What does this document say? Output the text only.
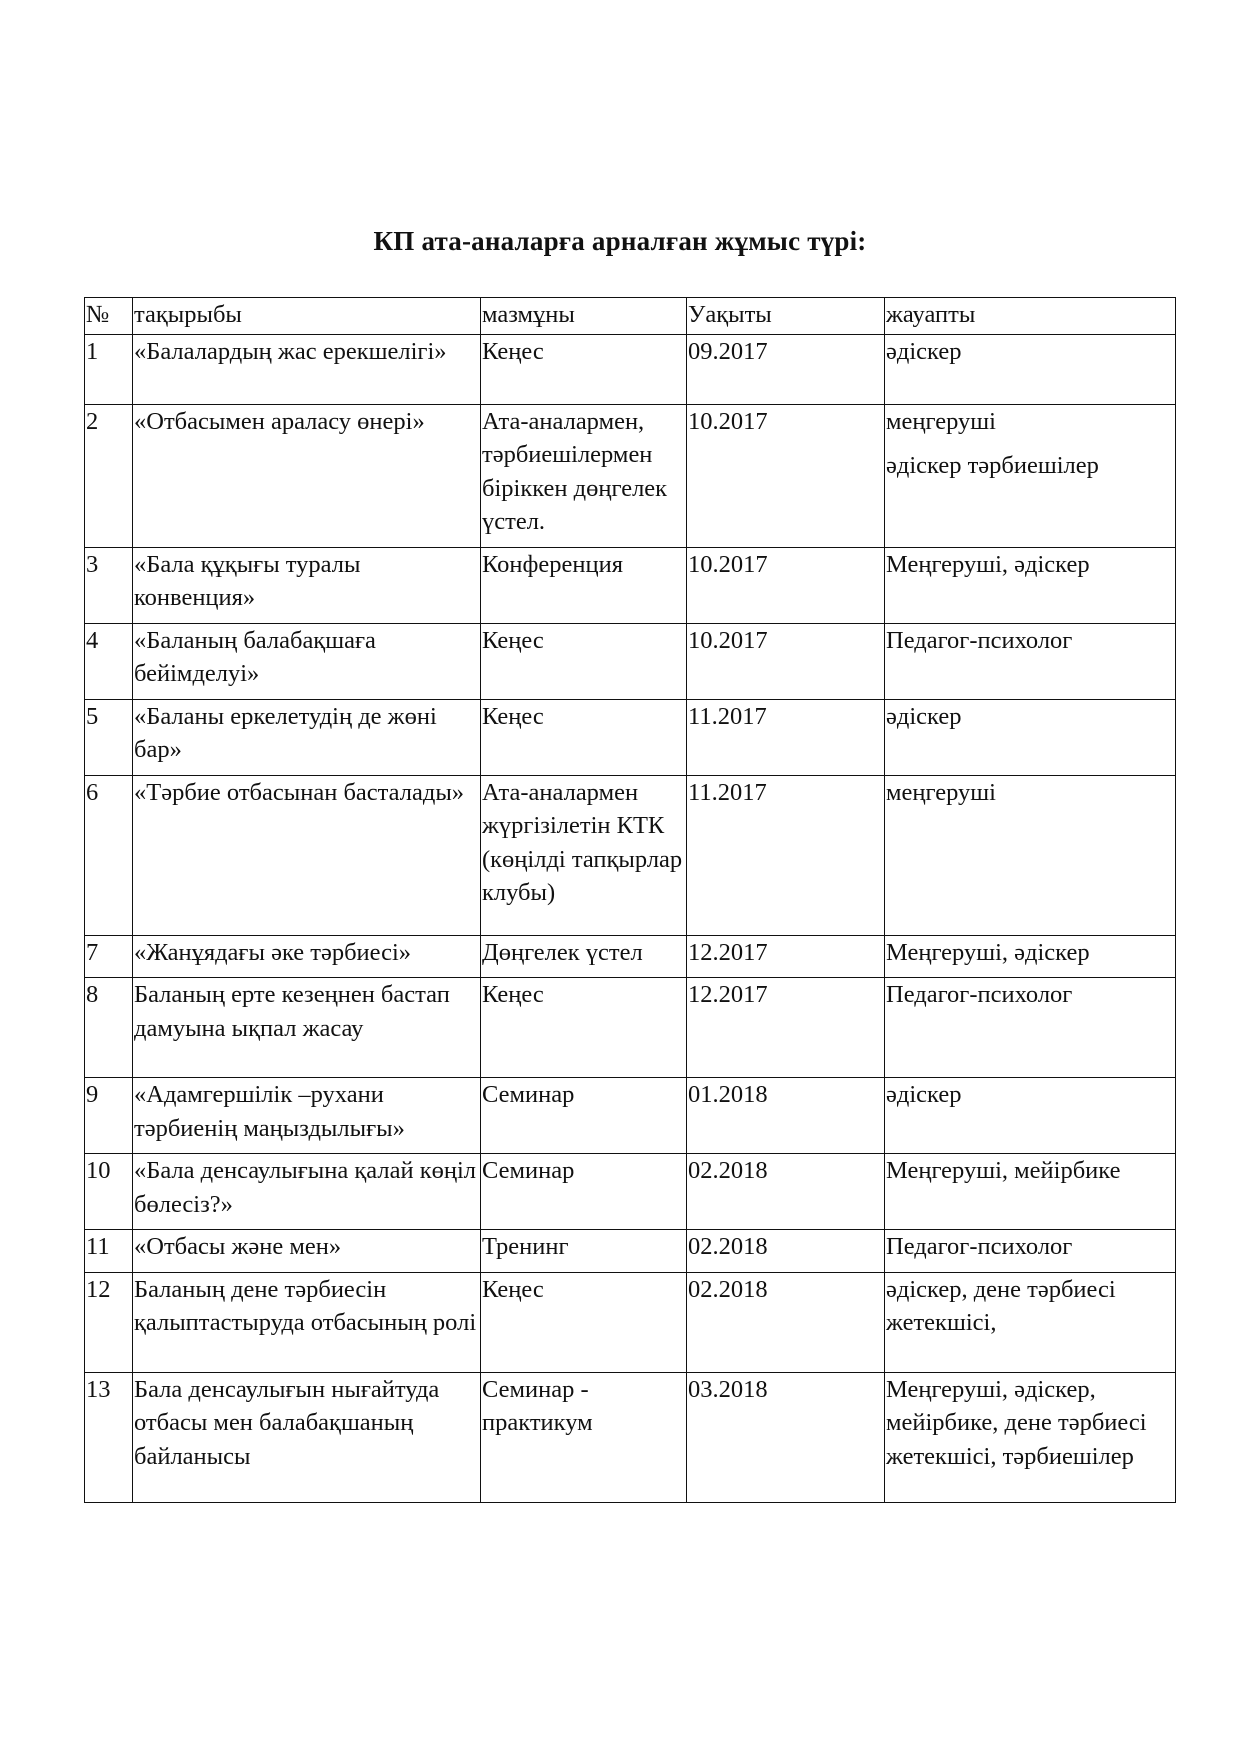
КП ата-аналарға арналған жұмыс түрі:
№	тақырыбы	мазмұны	Уақыты	жауапты
1	«Балалардың жас ерекшелігі»	Кеңес	09.2017	әдіскер

2	«Отбасымен араласу өнері»	Ата-аналармен, тәрбиешілермен біріккен дөңгелек үстел.	10.2017	меңгеруші
әдіскер тәрбиешілер

3	«Бала құқығы туралы конвенция»	Конференция	10.2017	Меңгеруші, әдіскер

4	«Баланың балабақшаға бейімделуі»	Кеңес	10.2017	Педагог-психолог

5	«Баланы еркелетудің де жөні бар»	Кеңес	11.2017	әдіскер

6	«Тәрбие отбасынан басталады»	Ата-аналармен жүргізілетін КТК (көңілді тапқырлар клубы)	11.2017	меңгеруші

7	«Жанұядағы әке тәрбиесі»	Дөңгелек үстел	12.2017	Меңгеруші, әдіскер

8	Баланың ерте кезеңнен бастап дамуына ықпал жасау	Кеңес	12.2017	Педагог-психолог

9	«Адамгершілік –рухани тәрбиенің маңыздылығы»	Семинар	01.2018	әдіскер

10	«Бала денсаулығына қалай көңіл бөлесіз?»	Семинар	02.2018	Меңгеруші, мейірбике

11	«Отбасы және мен»	Тренинг	02.2018	Педагог-психолог

12	Баланың дене тәрбиесін қалыптастыруда отбасының ролі	Кеңес	02.2018	әдіскер, дене тәрбиесі жетекшісі,

13	Бала денсаулығын нығайтуда отбасы мен балабақшаның байланысы	Семинар - практикум	03.2018	Меңгеруші, әдіскер, мейірбике, дене тәрбиесі жетекшісі, тәрбиешілер
